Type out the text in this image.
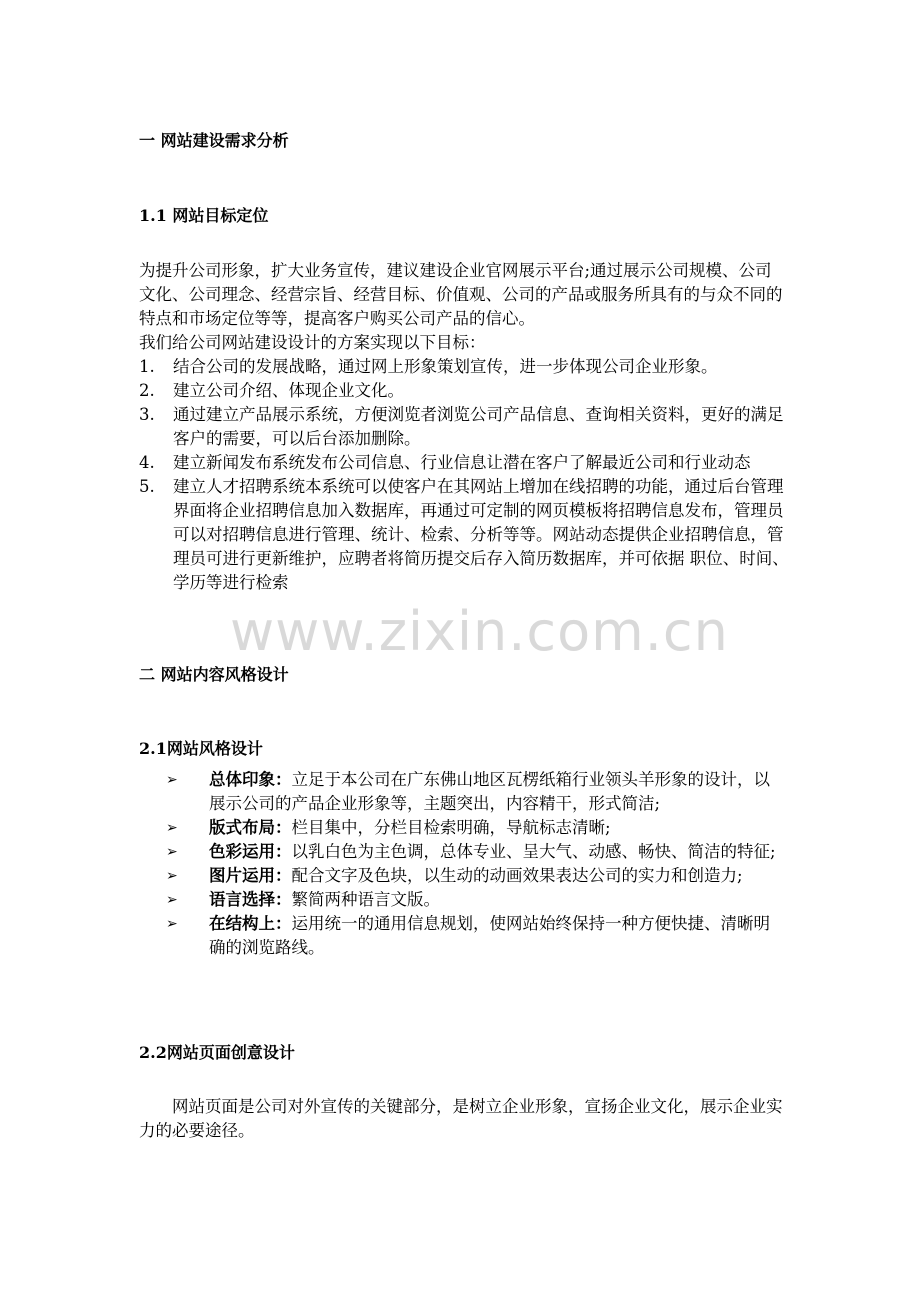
一 网站建设需求分析
1.1 网站目标定位
为提升公司形象，扩大业务宣传，建议建设企业官网展示平台;通过展示公司规模、公司文化、公司理念、经营宗旨、经营目标、价值观、公司的产品或服务所具有的与众不同的特点和市场定位等等，提高客户购买公司产品的信心。
我们给公司网站建设设计的方案实现以下目标：
1. 结合公司的发展战略，通过网上形象策划宣传，进一步体现公司企业形象。
2. 建立公司介绍、体现企业文化。
3. 通过建立产品展示系统，方便浏览者浏览公司产品信息、查询相关资料，更好的满足客户的需要，可以后台添加删除。
4. 建立新闻发布系统发布公司信息、行业信息让潜在客户了解最近公司和行业动态
5. 建立人才招聘系统本系统可以使客户在其网站上增加在线招聘的功能，通过后台管理界面将企业招聘信息加入数据库，再通过可定制的网页模板将招聘信息发布，管理员可以对招聘信息进行管理、统计、检索、分析等等。网站动态提供企业招聘信息，管理员可进行更新维护，应聘者将简历提交后存入简历数据库，并可依据 职位、时间、学历等进行检索
www.zixin.com.cn
二 网站内容风格设计
2.1网站风格设计
➢ 总体印象：立足于本公司在广东佛山地区瓦楞纸箱行业领头羊形象的设计，以展示公司的产品企业形象等，主题突出，内容精干，形式简洁;
➢ 版式布局：栏目集中，分栏目检索明确，导航标志清晰;
➢ 色彩运用：以乳白色为主色调，总体专业、呈大气、动感、畅快、简洁的特征;
➢ 图片运用：配合文字及色块，以生动的动画效果表达公司的实力和创造力;
➢ 语言选择：繁简两种语言文版。
➢ 在结构上：运用统一的通用信息规划，使网站始终保持一种方便快捷、清晰明确的浏览路线。
2.2网站页面创意设计
网站页面是公司对外宣传的关键部分，是树立企业形象，宣扬企业文化，展示企业实力的必要途径。
